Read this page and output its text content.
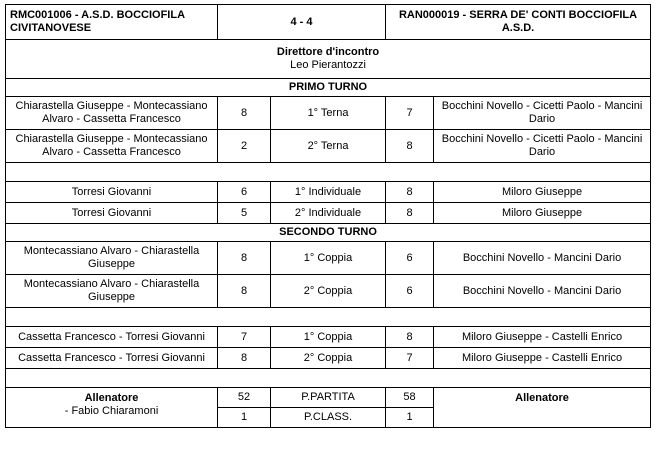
RMC001006 - A.S.D. BOCCIOFILA CIVITANOVESE	4 - 4		RAN000019 - SERRA DE' CONTI BOCCIOFILA A.S.D.	
Direttore d'incontro
Leo Pierantozzi				
PRIMO TURNO				
Chiarastella Giuseppe - Montecassiano Alvaro - Cassetta Francesco	8	1° Terna	7	Bocchini Novello - Cicetti Paolo - Mancini Dario
Chiarastella Giuseppe - Montecassiano Alvaro - Cassetta Francesco	2	2° Terna	8	Bocchini Novello - Cicetti Paolo - Mancini Dario

Torresi Giovanni	6	1° Individuale	8	Miloro Giuseppe
Torresi Giovanni	5	2° Individuale	8	Miloro Giuseppe
SECONDO TURNO				
Montecassiano Alvaro - Chiarastella Giuseppe	8	1° Coppia	6	Bocchini Novello - Mancini Dario
Montecassiano Alvaro - Chiarastella Giuseppe	8	2° Coppia	6	Bocchini Novello - Mancini Dario

Cassetta Francesco - Torresi Giovanni	7	1° Coppia	8	Miloro Giuseppe - Castelli Enrico
Cassetta Francesco - Torresi Giovanni	8	2° Coppia	7	Miloro Giuseppe - Castelli Enrico

Allenatore
- Fabio Chiaramoni	52	P.PARTITA	58	Allenatore
	1	P.CLASS.	1	
